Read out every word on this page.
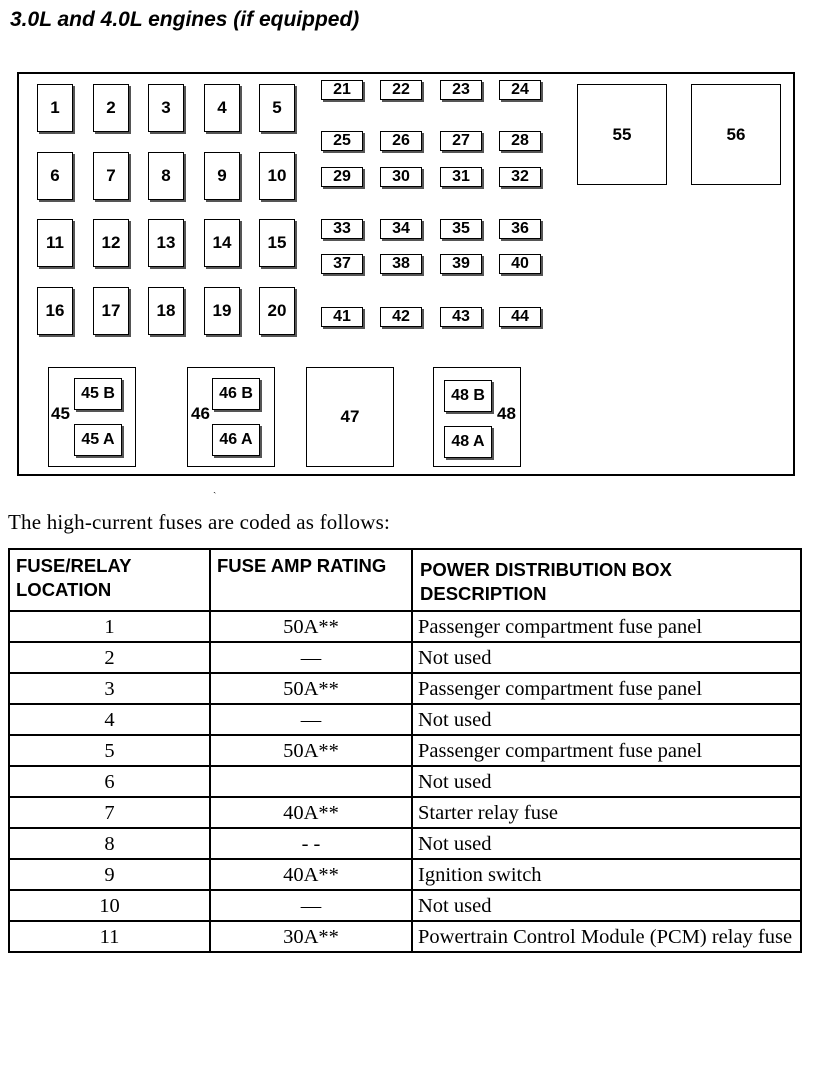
3.0L and 4.0L engines (if equipped)
1	2	3	4	5
6	7	8	9	10
11	12	13	14	15
16	17	18	19	20
21	22	23	24
25	26	27	28
29	30	31	32
33	34	35	36
37	38	39	40
41	42	43	44
55	56
45
45 B
45 A
46
46 B
46 A
47	48
48 B
48 A
ˏ
The high-current fuses are coded as follows:
FUSE/RELAY LOCATION	FUSE AMP RATING	POWER DISTRIBUTION BOX DESCRIPTION
1	50A**	Passenger compartment fuse panel
2	—	Not used
3	50A**	Passenger compartment fuse panel
4	—	Not used
5	50A**	Passenger compartment fuse panel
6		Not used
7	40A**	Starter relay fuse
8	- -	Not used
9	40A**	Ignition switch
10	—	Not used
11	30A**	Powertrain Control Module (PCM) relay fuse
